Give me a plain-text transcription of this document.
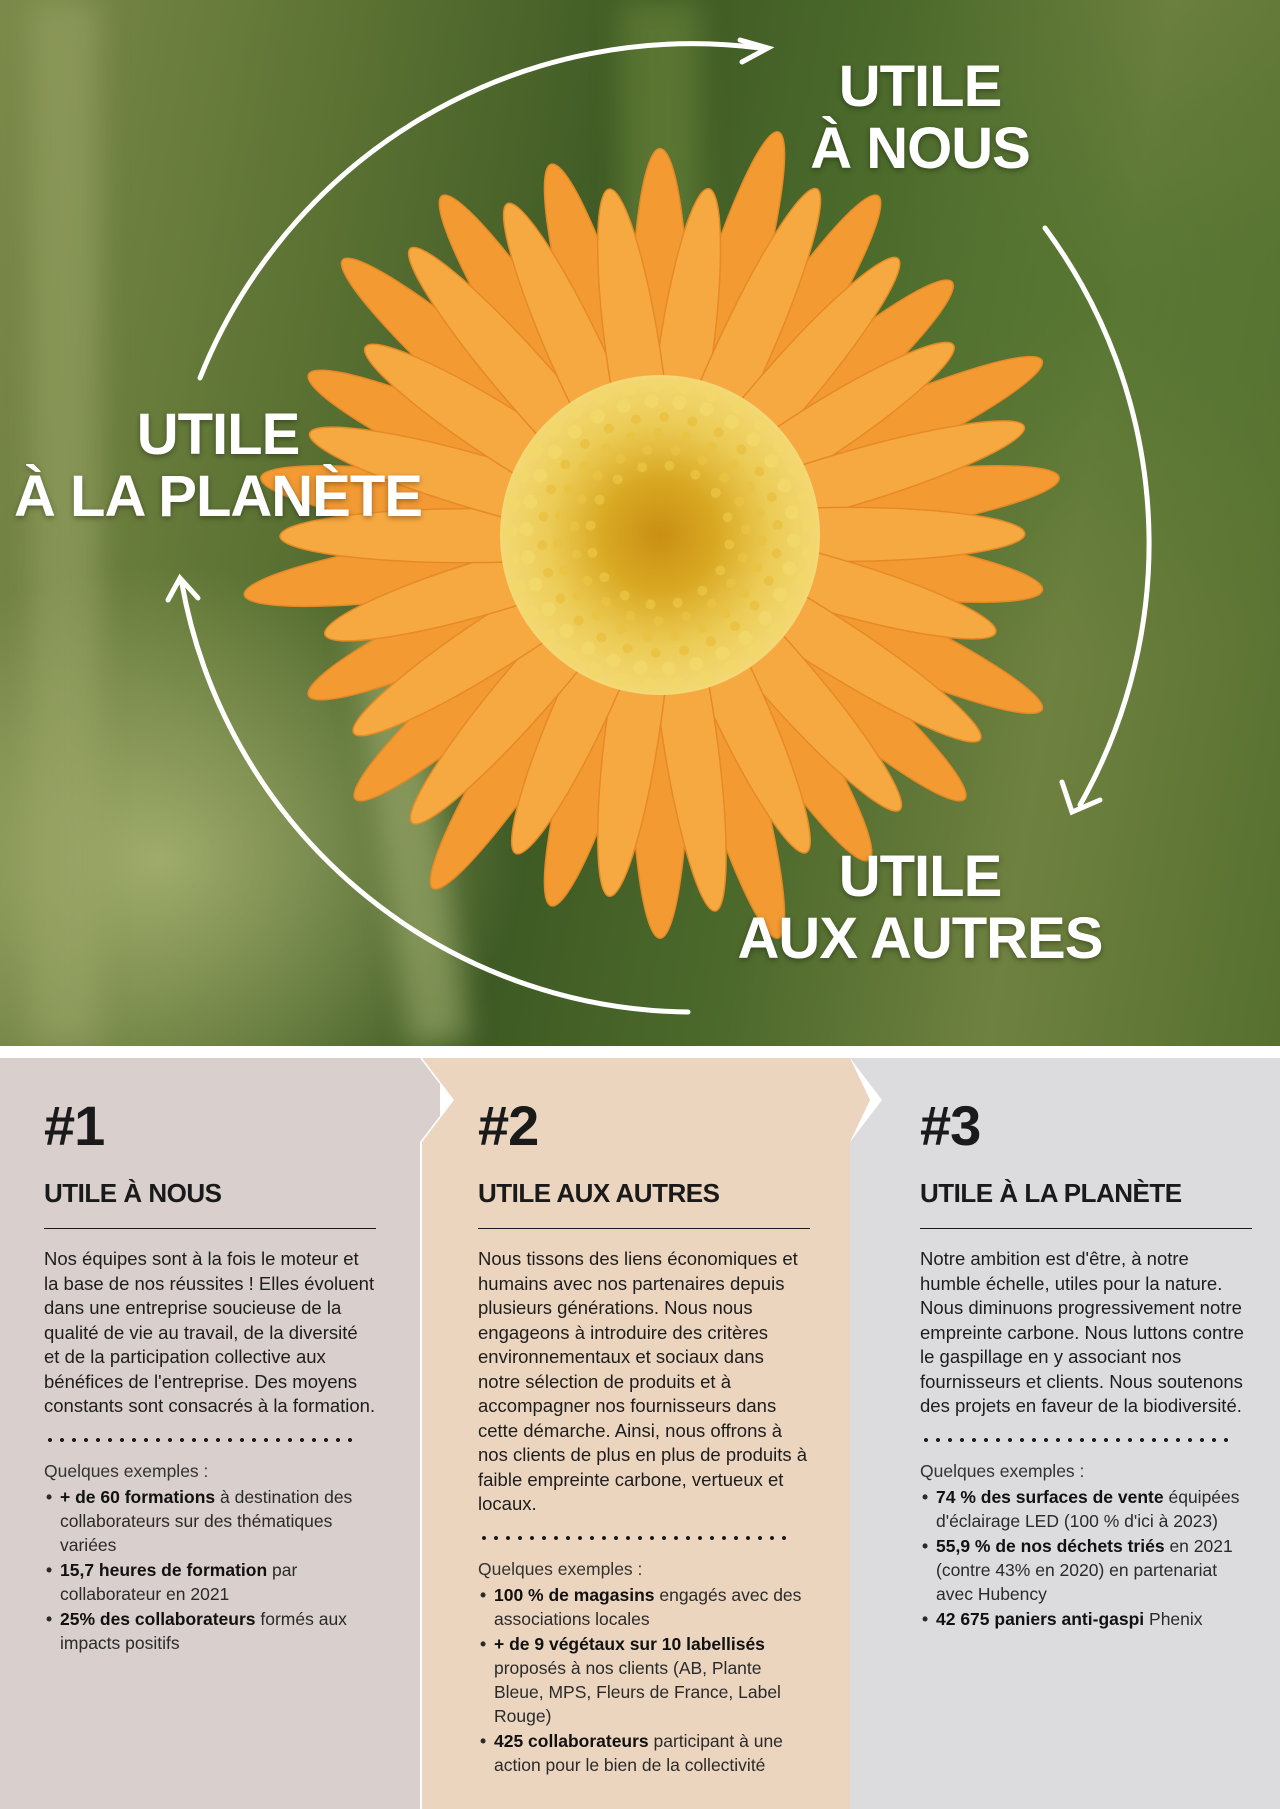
UTILE
À NOUS
UTILE
À LA PLANÈTE
UTILE
AUX AUTRES
#1
UTILE À NOUS

Nos équipes sont à la fois le moteur et la base de nos réussites ! Elles évoluent dans une entreprise soucieuse de la qualité de vie au travail, de la diversité et de la participation collective aux bénéfices de l'entreprise. Des moyens constants sont consacrés à la formation.

Quelques exemples :
• + de 60 formations à destination des collaborateurs sur des thématiques variées
• 15,7 heures de formation par collaborateur en 2021
• 25% des collaborateurs formés aux impacts positifs
#2
UTILE AUX AUTRES

Nous tissons des liens économiques et humains avec nos partenaires depuis plusieurs générations. Nous nous engageons à introduire des critères environnementaux et sociaux dans notre sélection de produits et à accompagner nos fournisseurs dans cette démarche. Ainsi, nous offrons à nos clients de plus en plus de produits à faible empreinte carbone, vertueux et locaux.

Quelques exemples :
• 100 % de magasins engagés avec des associations locales
• + de 9 végétaux sur 10 labellisés proposés à nos clients (AB, Plante Bleue, MPS, Fleurs de France, Label Rouge)
• 425 collaborateurs participant à une action pour le bien de la collectivité
#3
UTILE À LA PLANÈTE

Notre ambition est d'être, à notre humble échelle, utiles pour la nature. Nous diminuons progressivement notre empreinte carbone. Nous luttons contre le gaspillage en y associant nos fournisseurs et clients. Nous soutenons des projets en faveur de la biodiversité.

Quelques exemples :
• 74 % des surfaces de vente équipées d'éclairage LED (100 % d'ici à 2023)
• 55,9 % de nos déchets triés en 2021 (contre 43% en 2020) en partenariat avec Hubency
• 42 675 paniers anti-gaspi Phenix
